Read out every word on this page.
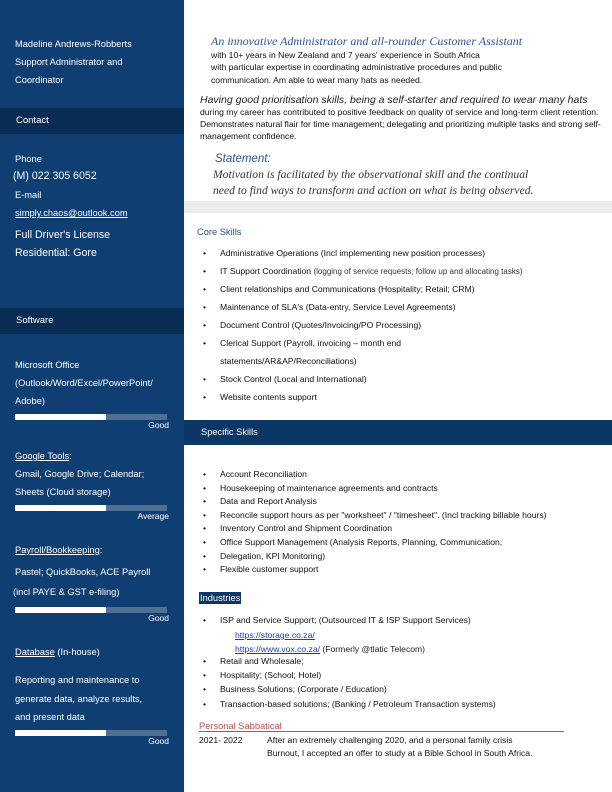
Madeline Andrews-Robberts
Support Administrator and
Coordinator
Contact
Phone
(M) 022 305 6052
E-mail
simply.chaos@outlook.com
Full Driver's License
Residential: Gore
Software
Microsoft Office
(Outlook/Word/Excel/PowerPoint/
Adobe)
Good
Google Tools:
Gmail, Google Drive; Calendar;
Sheets (Cloud storage)
Average
Payroll/Bookkeeping:
Pastel; QuickBooks, ACE Payroll
(incl PAYE & GST e-filing)
Good
Database (In-house)
Reporting and maintenance to
generate data, analyze results,
and present data
Good
An innovative Administrator and all-rounder Customer Assistant
with 10+ years in New Zealand and 7 years' experience in South Africa
with particular expertise in coordinating administrative procedures and public
communication. Am able to wear many hats as needed.

Having good prioritisation skills, being a self-starter and required to wear many hats during my career has contributed to positive feedback on quality of service and long-term client retention. Demonstrates natural flair for time management; delegating and prioritizing multiple tasks and strong self-management confidence.

Statement:
Motivation is facilitated by the observational skill and the continual
need to find ways to transform and action on what is being observed.
Core Skills
• Administrative Operations (Incl implementing new position processes)
• IT Support Coordination (logging of service requests, follow up and allocating tasks)
• Client relationships and Communications (Hospitality; Retail; CRM)
• Maintenance of SLA's (Data-entry, Service Level Agreements)
• Document Control (Quotes/Invoicing/PO Processing)
• Clerical Support (Payroll, invoicing – month end
statements/AR&AP/Reconciliations)
• Stock Control (Local and International)
• Website contents support
Specific Skills
• Account Reconciliation
• Housekeeping of maintenance agreements and contracts
• Data and Report Analysis
• Reconcile support hours as per "worksheet" / "timesheet". (Incl tracking billable hours)
• Inventory Control and Shipment Coordination
• Office Support Management (Analysis Reports, Planning, Communication,
• Delegation, KPI Monitoring)
• Flexible customer support
Industries
• ISP and Service Support; (Outsourced IT & ISP Support Services)
https://storage.co.za/
https://www.vox.co.za/ (Formerly @tlatic Telecom)
• Retail and Wholesale;
• Hospitality; (School; Hotel)
• Business Solutions; (Corporate / Education)
• Transaction-based solutions; (Banking / Petroleum Transaction systems)
Personal Sabbatical
2021- 2022	After an extremely challenging 2020, and a personal family crisis
Burnout, I accepted an offer to study at a Bible School in South Africa.
